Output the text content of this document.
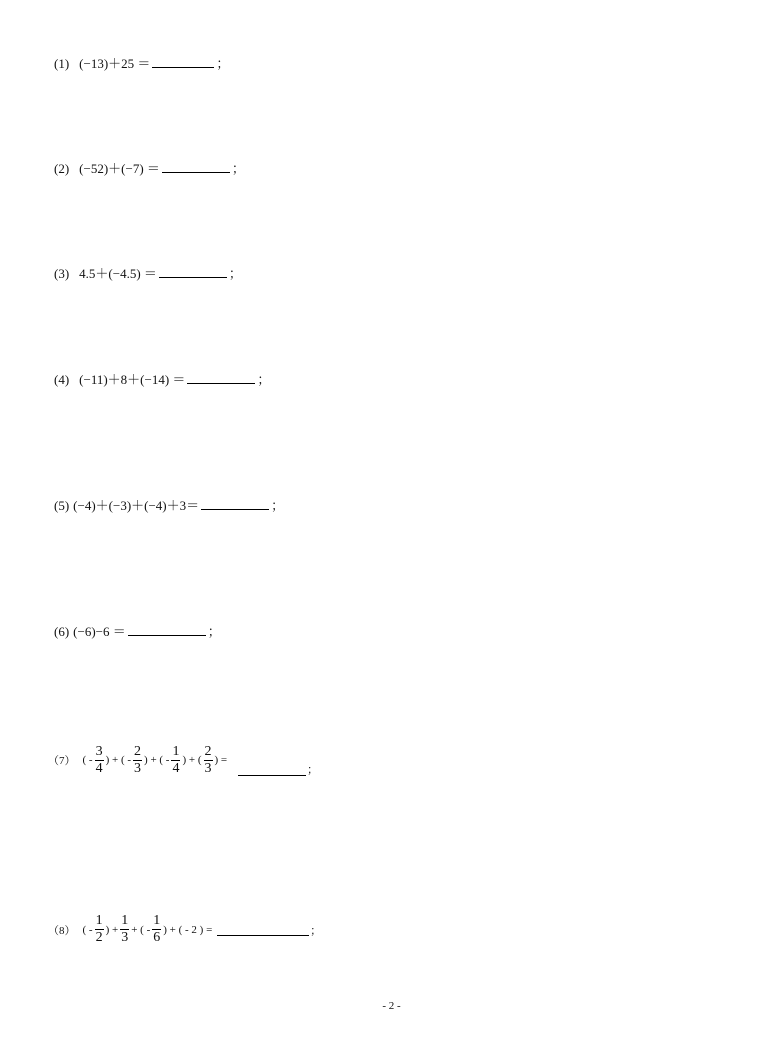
(1) (−13)＋25 ＝	；
(2) (−52)＋(−7) ＝	；
(3) 4.5＋(−4.5) ＝	；
(4) (−11)＋8＋(−14) ＝	；
(5) (−4)＋(−3)＋(−4)＋3＝	；
(6) (−6)−6 ＝	；
（7） ( - $\frac{3}{4}$ ) + ( - $\frac{2}{3}$ ) + ( - $\frac{1}{4}$ ) + ( $\frac{2}{3}$ ) =
；
（8） ( - $\frac{1}{2}$ ) + $\frac{1}{3}$ + ( - $\frac{1}{6}$ ) + ( - 2 ) =	；
- 2 -
